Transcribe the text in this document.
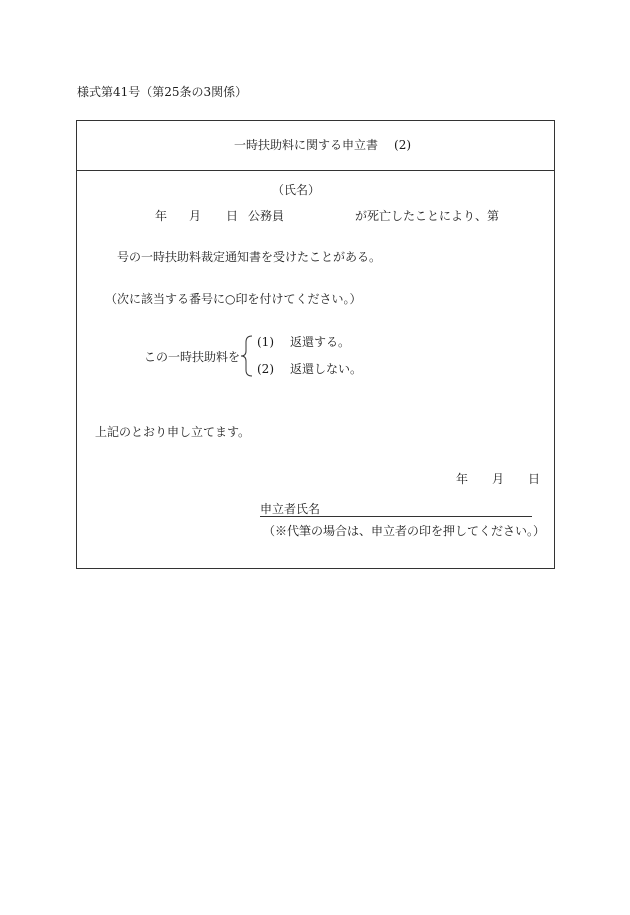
様式第41号（第25条の3関係）
一時扶助料に関する申立書 (2)
（氏名）
年 月 日 公務員	が死亡したことにより、第
号の一時扶助料裁定通知書を受けたことがある。
（次に該当する番号に○印を付けてください。）
この一時扶助料を
(1) 返還する。
(2) 返還しない。
上記のとおり申し立てます。
年 月 日
申立者氏名
（※代筆の場合は、申立者の印を押してください。）
